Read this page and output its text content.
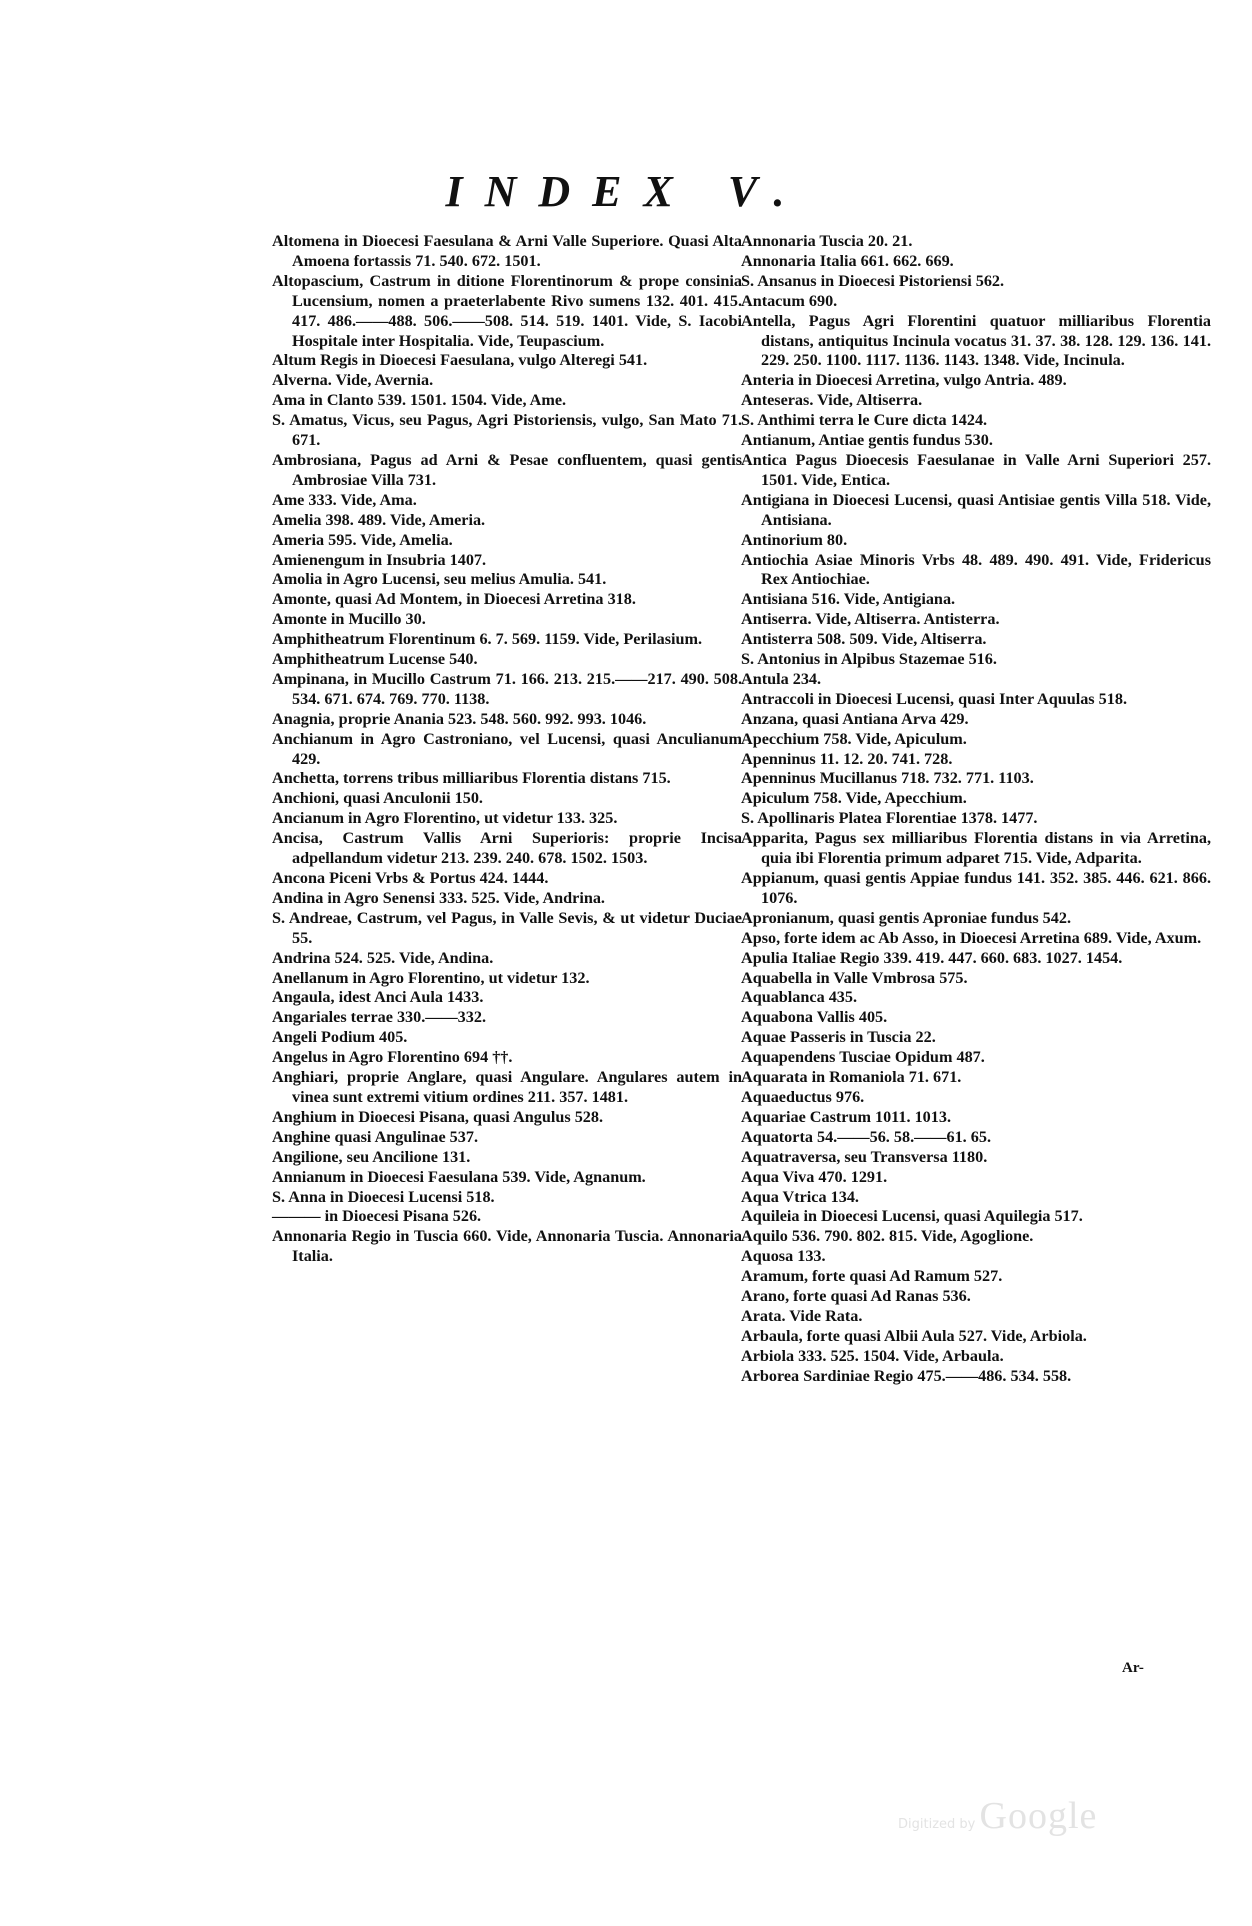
INDEX V.
Altomena in Dioecesi Faesulana & Arni Valle Superiore. Quasi Alta Amoena fortassis 71. 540. 672. 1501.
Altopascium, Castrum in ditione Florentinorum & prope consinia Lucensium, nomen a praeterlabente Rivo sumens 132. 401. 415. 417. 486.——488. 506.——508. 514. 519. 1401. Vide, S. Iacobi Hospitale inter Hospitalia. Vide, Teupascium.
Altum Regis in Dioecesi Faesulana, vulgo Alteregi 541.
Alverna. Vide, Avernia.
Ama in Clanto 539. 1501. 1504. Vide, Ame.
S. Amatus, Vicus, seu Pagus, Agri Pistoriensis, vulgo, San Mato 71. 671.
Ambrosiana, Pagus ad Arni & Pesae confluentem, quasi gentis Ambrosiae Villa 731.
Ame 333. Vide, Ama.
Amelia 398. 489. Vide, Ameria.
Ameria 595. Vide, Amelia.
Amienengum in Insubria 1407.
Amolia in Agro Lucensi, seu melius Amulia. 541.
Amonte, quasi Ad Montem, in Dioecesi Arretina 318.
Amonte in Mucillo 30.
Amphitheatrum Florentinum 6. 7. 569. 1159. Vide, Perilasium.
Amphitheatrum Lucense 540.
Ampinana, in Mucillo Castrum 71. 166. 213. 215.——217. 490. 508. 534. 671. 674. 769. 770. 1138.
Anagnia, proprie Anania 523. 548. 560. 992. 993. 1046.
Anchianum in Agro Castroniano, vel Lucensi, quasi Anculianum 429.
Anchetta, torrens tribus milliaribus Florentia distans 715.
Anchioni, quasi Anculonii 150.
Ancianum in Agro Florentino, ut videtur 133. 325.
Ancisa, Castrum Vallis Arni Superioris: proprie Incisa adpellandum videtur 213. 239. 240. 678. 1502. 1503.
Ancona Piceni Vrbs & Portus 424. 1444.
Andina in Agro Senensi 333. 525. Vide, Andrina.
S. Andreae, Castrum, vel Pagus, in Valle Sevis, & ut videtur Duciae 55.
Andrina 524. 525. Vide, Andina.
Anellanum in Agro Florentino, ut videtur 132.
Angaula, idest Anci Aula 1433.
Angariales terrae 330.——332.
Angeli Podium 405.
Angelus in Agro Florentino 694 ††.
Anghiari, proprie Anglare, quasi Angulare. Angulares autem in vinea sunt extremi vitium ordines 211. 357. 1481.
Anghium in Dioecesi Pisana, quasi Angulus 528.
Anghine quasi Angulinae 537.
Angilione, seu Ancilione 131.
Annianum in Dioecesi Faesulana 539. Vide, Agnanum.
S. Anna in Dioecesi Lucensi 518.
——— in Dioecesi Pisana 526.
Annonaria Regio in Tuscia 660. Vide, Annonaria Tuscia. Annonaria Italia.
Annonaria Tuscia 20. 21.
Annonaria Italia 661. 662. 669.
S. Ansanus in Dioecesi Pistoriensi 562.
Antacum 690.
Antella, Pagus Agri Florentini quatuor milliaribus Florentia distans, antiquitus Incinula vocatus 31. 37. 38. 128. 129. 136. 141. 229. 250. 1100. 1117. 1136. 1143. 1348. Vide, Incinula.
Anteria in Dioecesi Arretina, vulgo Antria. 489.
Anteseras. Vide, Altiserra.
S. Anthimi terra le Cure dicta 1424.
Antianum, Antiae gentis fundus 530.
Antica Pagus Dioecesis Faesulanae in Valle Arni Superiori 257. 1501. Vide, Entica.
Antigiana in Dioecesi Lucensi, quasi Antisiae gentis Villa 518. Vide, Antisiana.
Antinorium 80.
Antiochia Asiae Minoris Vrbs 48. 489. 490. 491. Vide, Fridericus Rex Antiochiae.
Antisiana 516. Vide, Antigiana.
Antiserra. Vide, Altiserra. Antisterra.
Antisterra 508. 509. Vide, Altiserra.
S. Antonius in Alpibus Stazemae 516.
Antula 234.
Antraccoli in Dioecesi Lucensi, quasi Inter Aquulas 518.
Anzana, quasi Antiana Arva 429.
Apecchium 758. Vide, Apiculum.
Apenninus 11. 12. 20. 741. 728.
Apenninus Mucillanus 718. 732. 771. 1103.
Apiculum 758. Vide, Apecchium.
S. Apollinaris Platea Florentiae 1378. 1477.
Apparita, Pagus sex milliaribus Florentia distans in via Arretina, quia ibi Florentia primum adparet 715. Vide, Adparita.
Appianum, quasi gentis Appiae fundus 141. 352. 385. 446. 621. 866. 1076.
Apronianum, quasi gentis Aproniae fundus 542.
Apso, forte idem ac Ab Asso, in Dioecesi Arretina 689. Vide, Axum.
Apulia Italiae Regio 339. 419. 447. 660. 683. 1027. 1454.
Aquabella in Valle Vmbrosa 575.
Aquablanca 435.
Aquabona Vallis 405.
Aquae Passeris in Tuscia 22.
Aquapendens Tusciae Opidum 487.
Aquarata in Romaniola 71. 671.
Aquaeductus 976.
Aquariae Castrum 1011. 1013.
Aquatorta 54.——56. 58.——61. 65.
Aquatraversa, seu Transversa 1180.
Aqua Viva 470. 1291.
Aqua Vtrica 134.
Aquileia in Dioecesi Lucensi, quasi Aquilegia 517.
Aquilo 536. 790. 802. 815. Vide, Agoglione.
Aquosa 133.
Aramum, forte quasi Ad Ramum 527.
Arano, forte quasi Ad Ranas 536.
Arata. Vide Rata.
Arbaula, forte quasi Albii Aula 527. Vide, Arbiola.
Arbiola 333. 525. 1504. Vide, Arbaula.
Arborea Sardiniae Regio 475.——486. 534. 558.
Ar-
Digitized by Google
